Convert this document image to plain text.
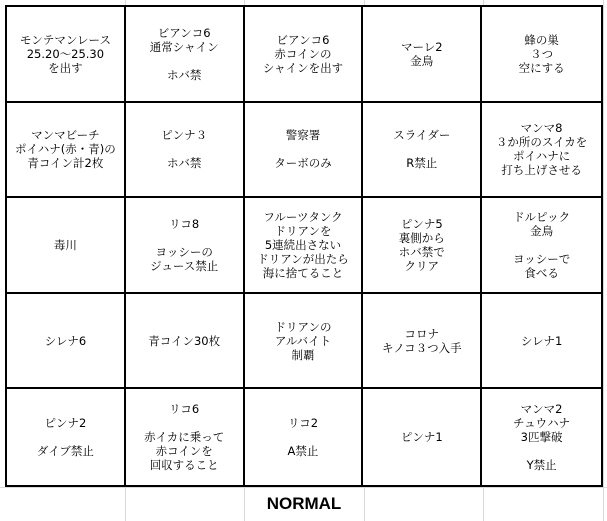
モンテマンレース
25.20〜25.30
を出す
ビアンコ6
通常シャイン

ホバ禁
ビアンコ6
赤コインの
シャインを出す
マーレ2
金鳥
蜂の巣
３つ
空にする
マンマビーチ
ポイハナ(赤・青)の
青コイン計2枚
ピンナ３

ホバ禁
警察署

ターボのみ
スライダー

R禁止
マンマ8
３か所のスイカを
ポイハナに
打ち上げさせる
毒川
リコ8

ヨッシーの
ジュース禁止
フルーツタンク
ドリアンを
5連続出さない
ドリアンが出たら
海に捨てること
ピンナ5
裏側から
ホバ禁で
クリア
ドルピック
金鳥

ヨッシーで
食べる
シレナ6	青コイン30枚
ドリアンの
アルバイト
制覇
コロナ
キノコ３つ入手	シレナ1
ピンナ2

ダイブ禁止
リコ6

赤イカに乗って
赤コインを
回収すること
リコ2

A禁止
ピンナ1
マンマ2
チュウハナ
3匹撃破

Y禁止
NORMAL
